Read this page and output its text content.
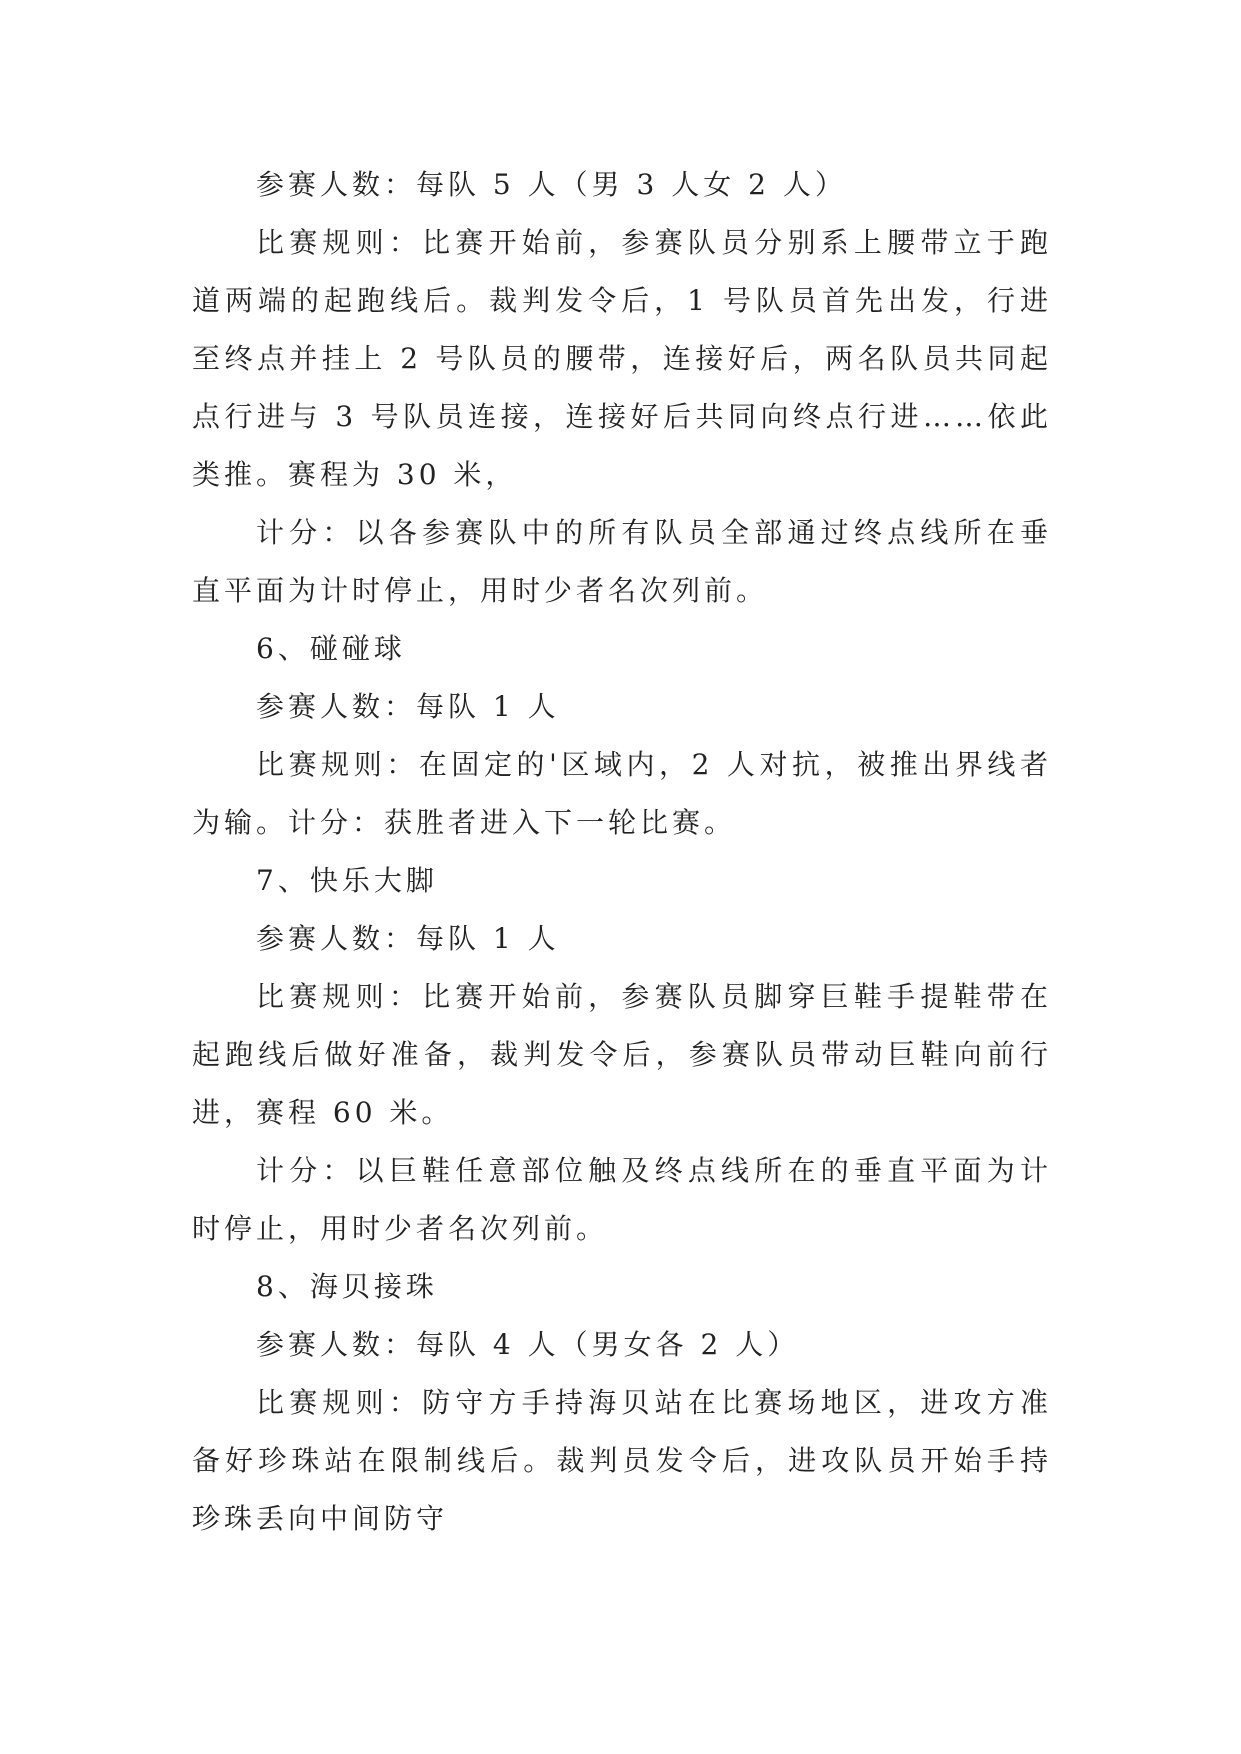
参赛人数：每队 5 人（男 3 人女 2 人）

比赛规则：比赛开始前，参赛队员分别系上腰带立于跑道两端的起跑线后。裁判发令后，1 号队员首先出发，行进至终点并挂上 2 号队员的腰带，连接好后，两名队员共同起点行进与 3 号队员连接，连接好后共同向终点行进……依此类推。赛程为 30 米，

计分：以各参赛队中的所有队员全部通过终点线所在垂直平面为计时停止，用时少者名次列前。

6、碰碰球

参赛人数：每队 1 人

比赛规则：在固定的'区域内，2 人对抗，被推出界线者为输。计分：获胜者进入下一轮比赛。

7、快乐大脚

参赛人数：每队 1 人

比赛规则：比赛开始前，参赛队员脚穿巨鞋手提鞋带在起跑线后做好准备，裁判发令后，参赛队员带动巨鞋向前行进，赛程 60 米。

计分：以巨鞋任意部位触及终点线所在的垂直平面为计时停止，用时少者名次列前。

8、海贝接珠

参赛人数：每队 4 人（男女各 2 人）

比赛规则：防守方手持海贝站在比赛场地区，进攻方准备好珍珠站在限制线后。裁判员发令后，进攻队员开始手持珍珠丢向中间防守
